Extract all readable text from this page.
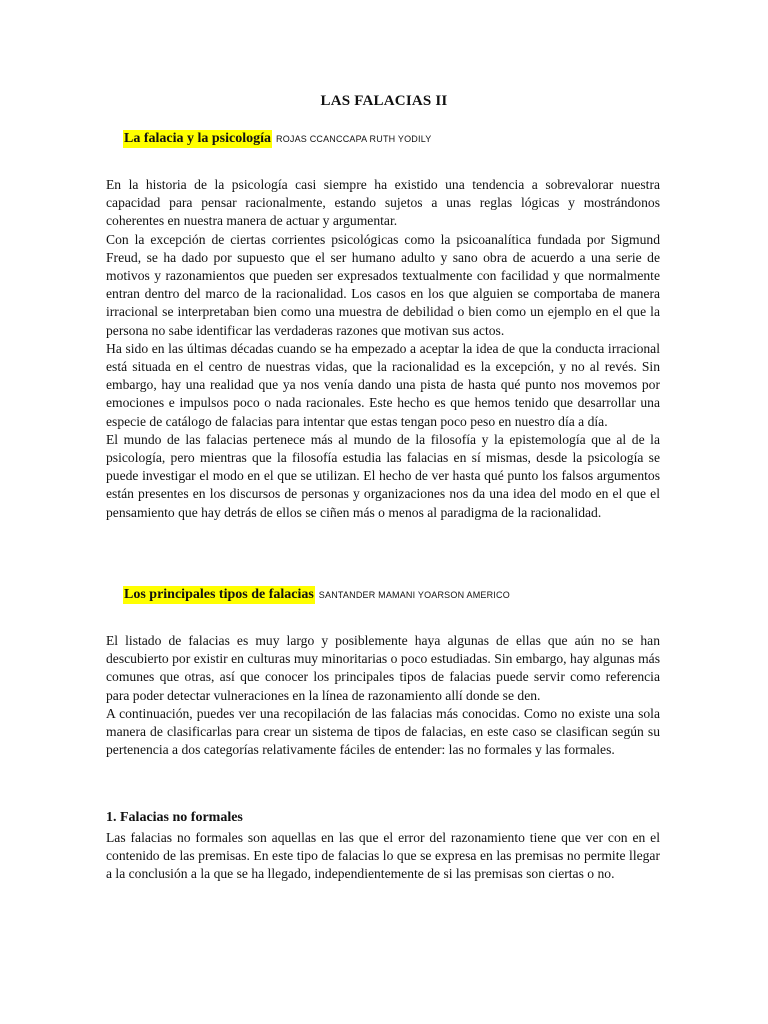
LAS FALACIAS II
La falacia y la psicología ROJAS CCANCCAPA RUTH YODILY

En la historia de la psicología casi siempre ha existido una tendencia a sobrevalorar nuestra capacidad para pensar racionalmente, estando sujetos a unas reglas lógicas y mostrándonos coherentes en nuestra manera de actuar y argumentar.

Con la excepción de ciertas corrientes psicológicas como la psicoanalítica fundada por Sigmund Freud, se ha dado por supuesto que el ser humano adulto y sano obra de acuerdo a una serie de motivos y razonamientos que pueden ser expresados textualmente con facilidad y que normalmente entran dentro del marco de la racionalidad. Los casos en los que alguien se comportaba de manera irracional se interpretaban bien como una muestra de debilidad o bien como un ejemplo en el que la persona no sabe identificar las verdaderas razones que motivan sus actos.

Ha sido en las últimas décadas cuando se ha empezado a aceptar la idea de que la conducta irracional está situada en el centro de nuestras vidas, que la racionalidad es la excepción, y no al revés. Sin embargo, hay una realidad que ya nos venía dando una pista de hasta qué punto nos movemos por emociones e impulsos poco o nada racionales. Este hecho es que hemos tenido que desarrollar una especie de catálogo de falacias para intentar que estas tengan poco peso en nuestro día a día.

El mundo de las falacias pertenece más al mundo de la filosofía y la epistemología que al de la psicología, pero mientras que la filosofía estudia las falacias en sí mismas, desde la psicología se puede investigar el modo en el que se utilizan. El hecho de ver hasta qué punto los falsos argumentos están presentes en los discursos de personas y organizaciones nos da una idea del modo en el que el pensamiento que hay detrás de ellos se ciñen más o menos al paradigma de la racionalidad.

Los principales tipos de falacias SANTANDER MAMANI YOARSON AMERICO

El listado de falacias es muy largo y posiblemente haya algunas de ellas que aún no se han descubierto por existir en culturas muy minoritarias o poco estudiadas. Sin embargo, hay algunas más comunes que otras, así que conocer los principales tipos de falacias puede servir como referencia para poder detectar vulneraciones en la línea de razonamiento allí donde se den.

A continuación, puedes ver una recopilación de las falacias más conocidas. Como no existe una sola manera de clasificarlas para crear un sistema de tipos de falacias, en este caso se clasifican según su pertenencia a dos categorías relativamente fáciles de entender: las no formales y las formales.

1. Falacias no formales

Las falacias no formales son aquellas en las que el error del razonamiento tiene que ver con en el contenido de las premisas. En este tipo de falacias lo que se expresa en las premisas no permite llegar a la conclusión a la que se ha llegado, independientemente de si las premisas son ciertas o no.
